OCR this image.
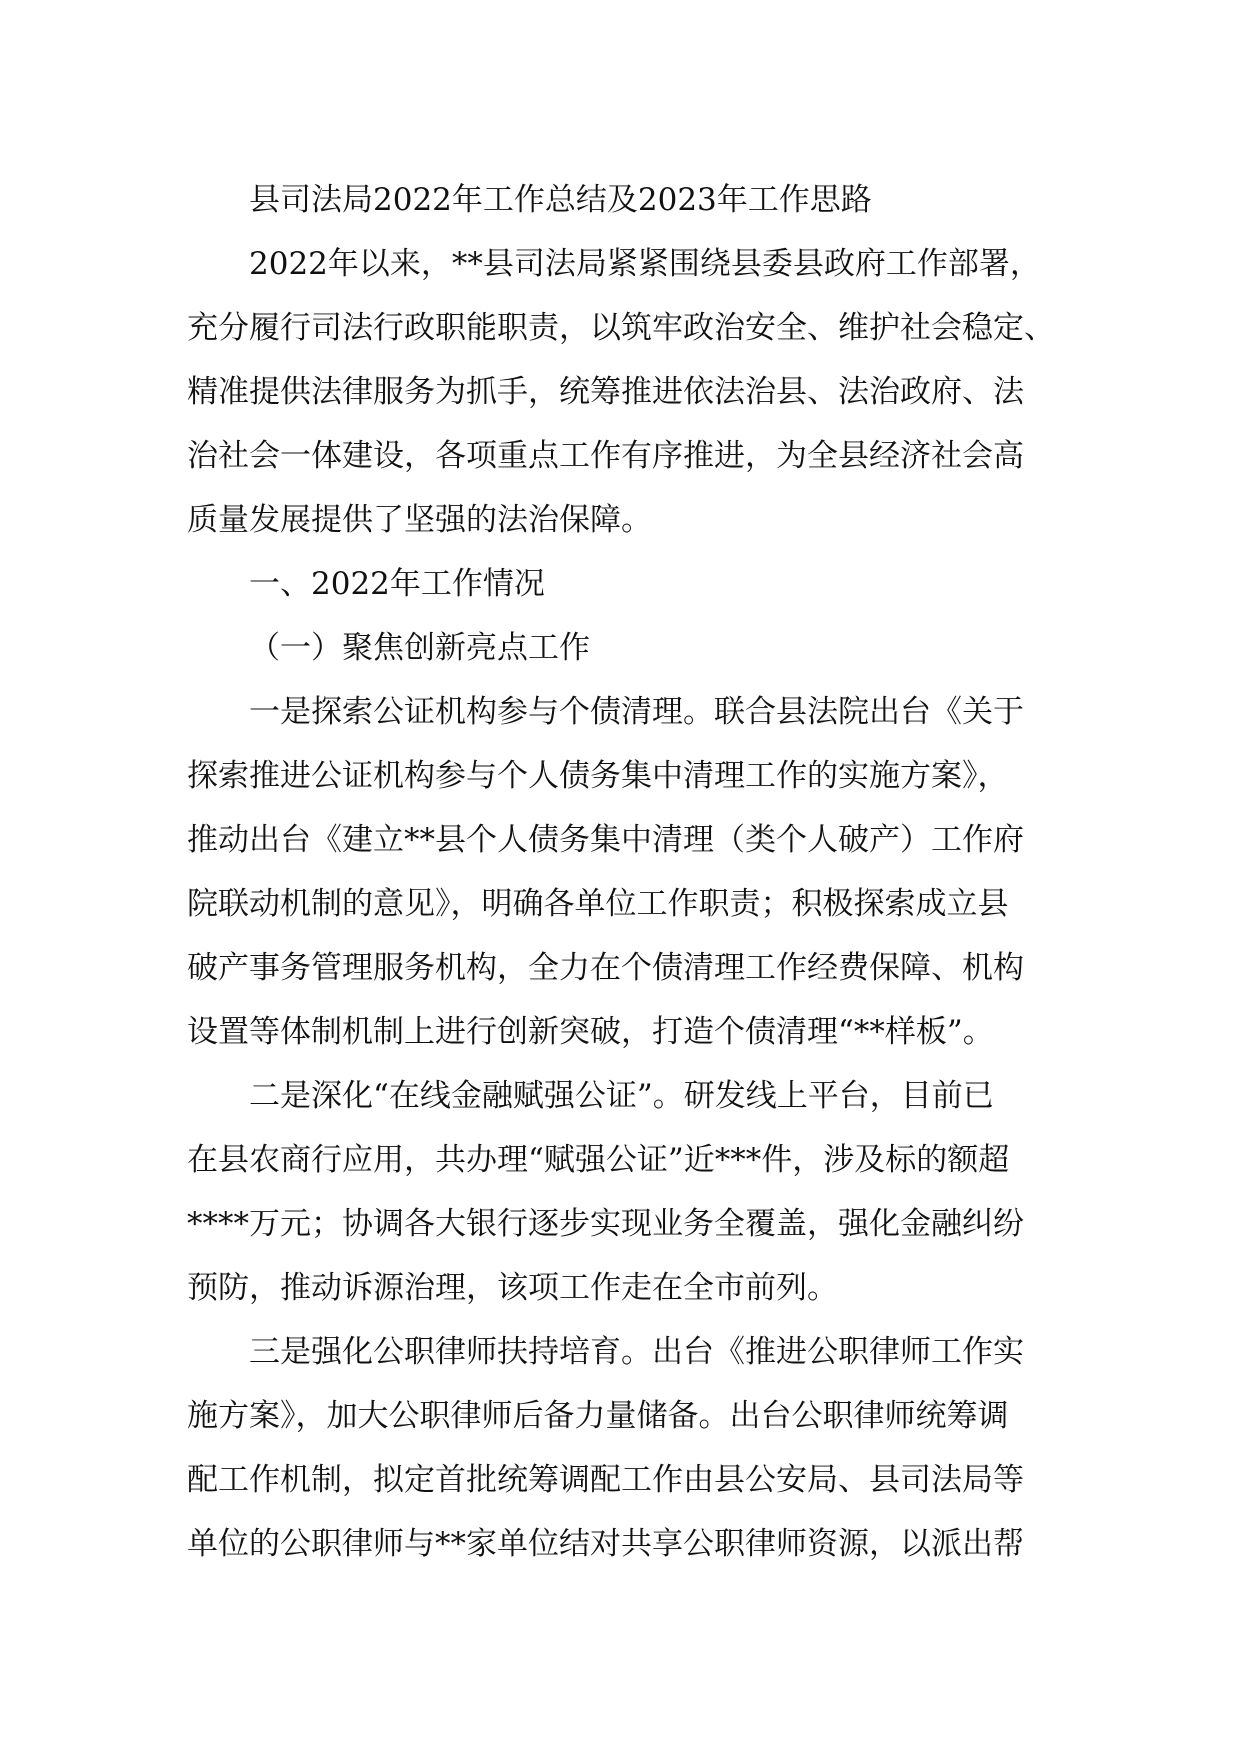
县司法局2022年工作总结及2023年工作思路
2022年以来，**县司法局紧紧围绕县委县政府工作部署，
充分履行司法行政职能职责，以筑牢政治安全、维护社会稳定、
精准提供法律服务为抓手，统筹推进依法治县、法治政府、法
治社会一体建设，各项重点工作有序推进，为全县经济社会高
质量发展提供了坚强的法治保障。
一、2022年工作情况
（一）聚焦创新亮点工作
一是探索公证机构参与个债清理。联合县法院出台《关于
探索推进公证机构参与个人债务集中清理工作的实施方案》，
推动出台《建立**县个人债务集中清理（类个人破产）工作府
院联动机制的意见》，明确各单位工作职责；积极探索成立县
破产事务管理服务机构，全力在个债清理工作经费保障、机构
设置等体制机制上进行创新突破，打造个债清理“**样板”。
二是深化“在线金融赋强公证”。研发线上平台，目前已
在县农商行应用，共办理“赋强公证”近***件，涉及标的额超
****万元；协调各大银行逐步实现业务全覆盖，强化金融纠纷
预防，推动诉源治理，该项工作走在全市前列。
三是强化公职律师扶持培育。出台《推进公职律师工作实
施方案》，加大公职律师后备力量储备。出台公职律师统筹调
配工作机制，拟定首批统筹调配工作由县公安局、县司法局等
单位的公职律师与**家单位结对共享公职律师资源，以派出帮
